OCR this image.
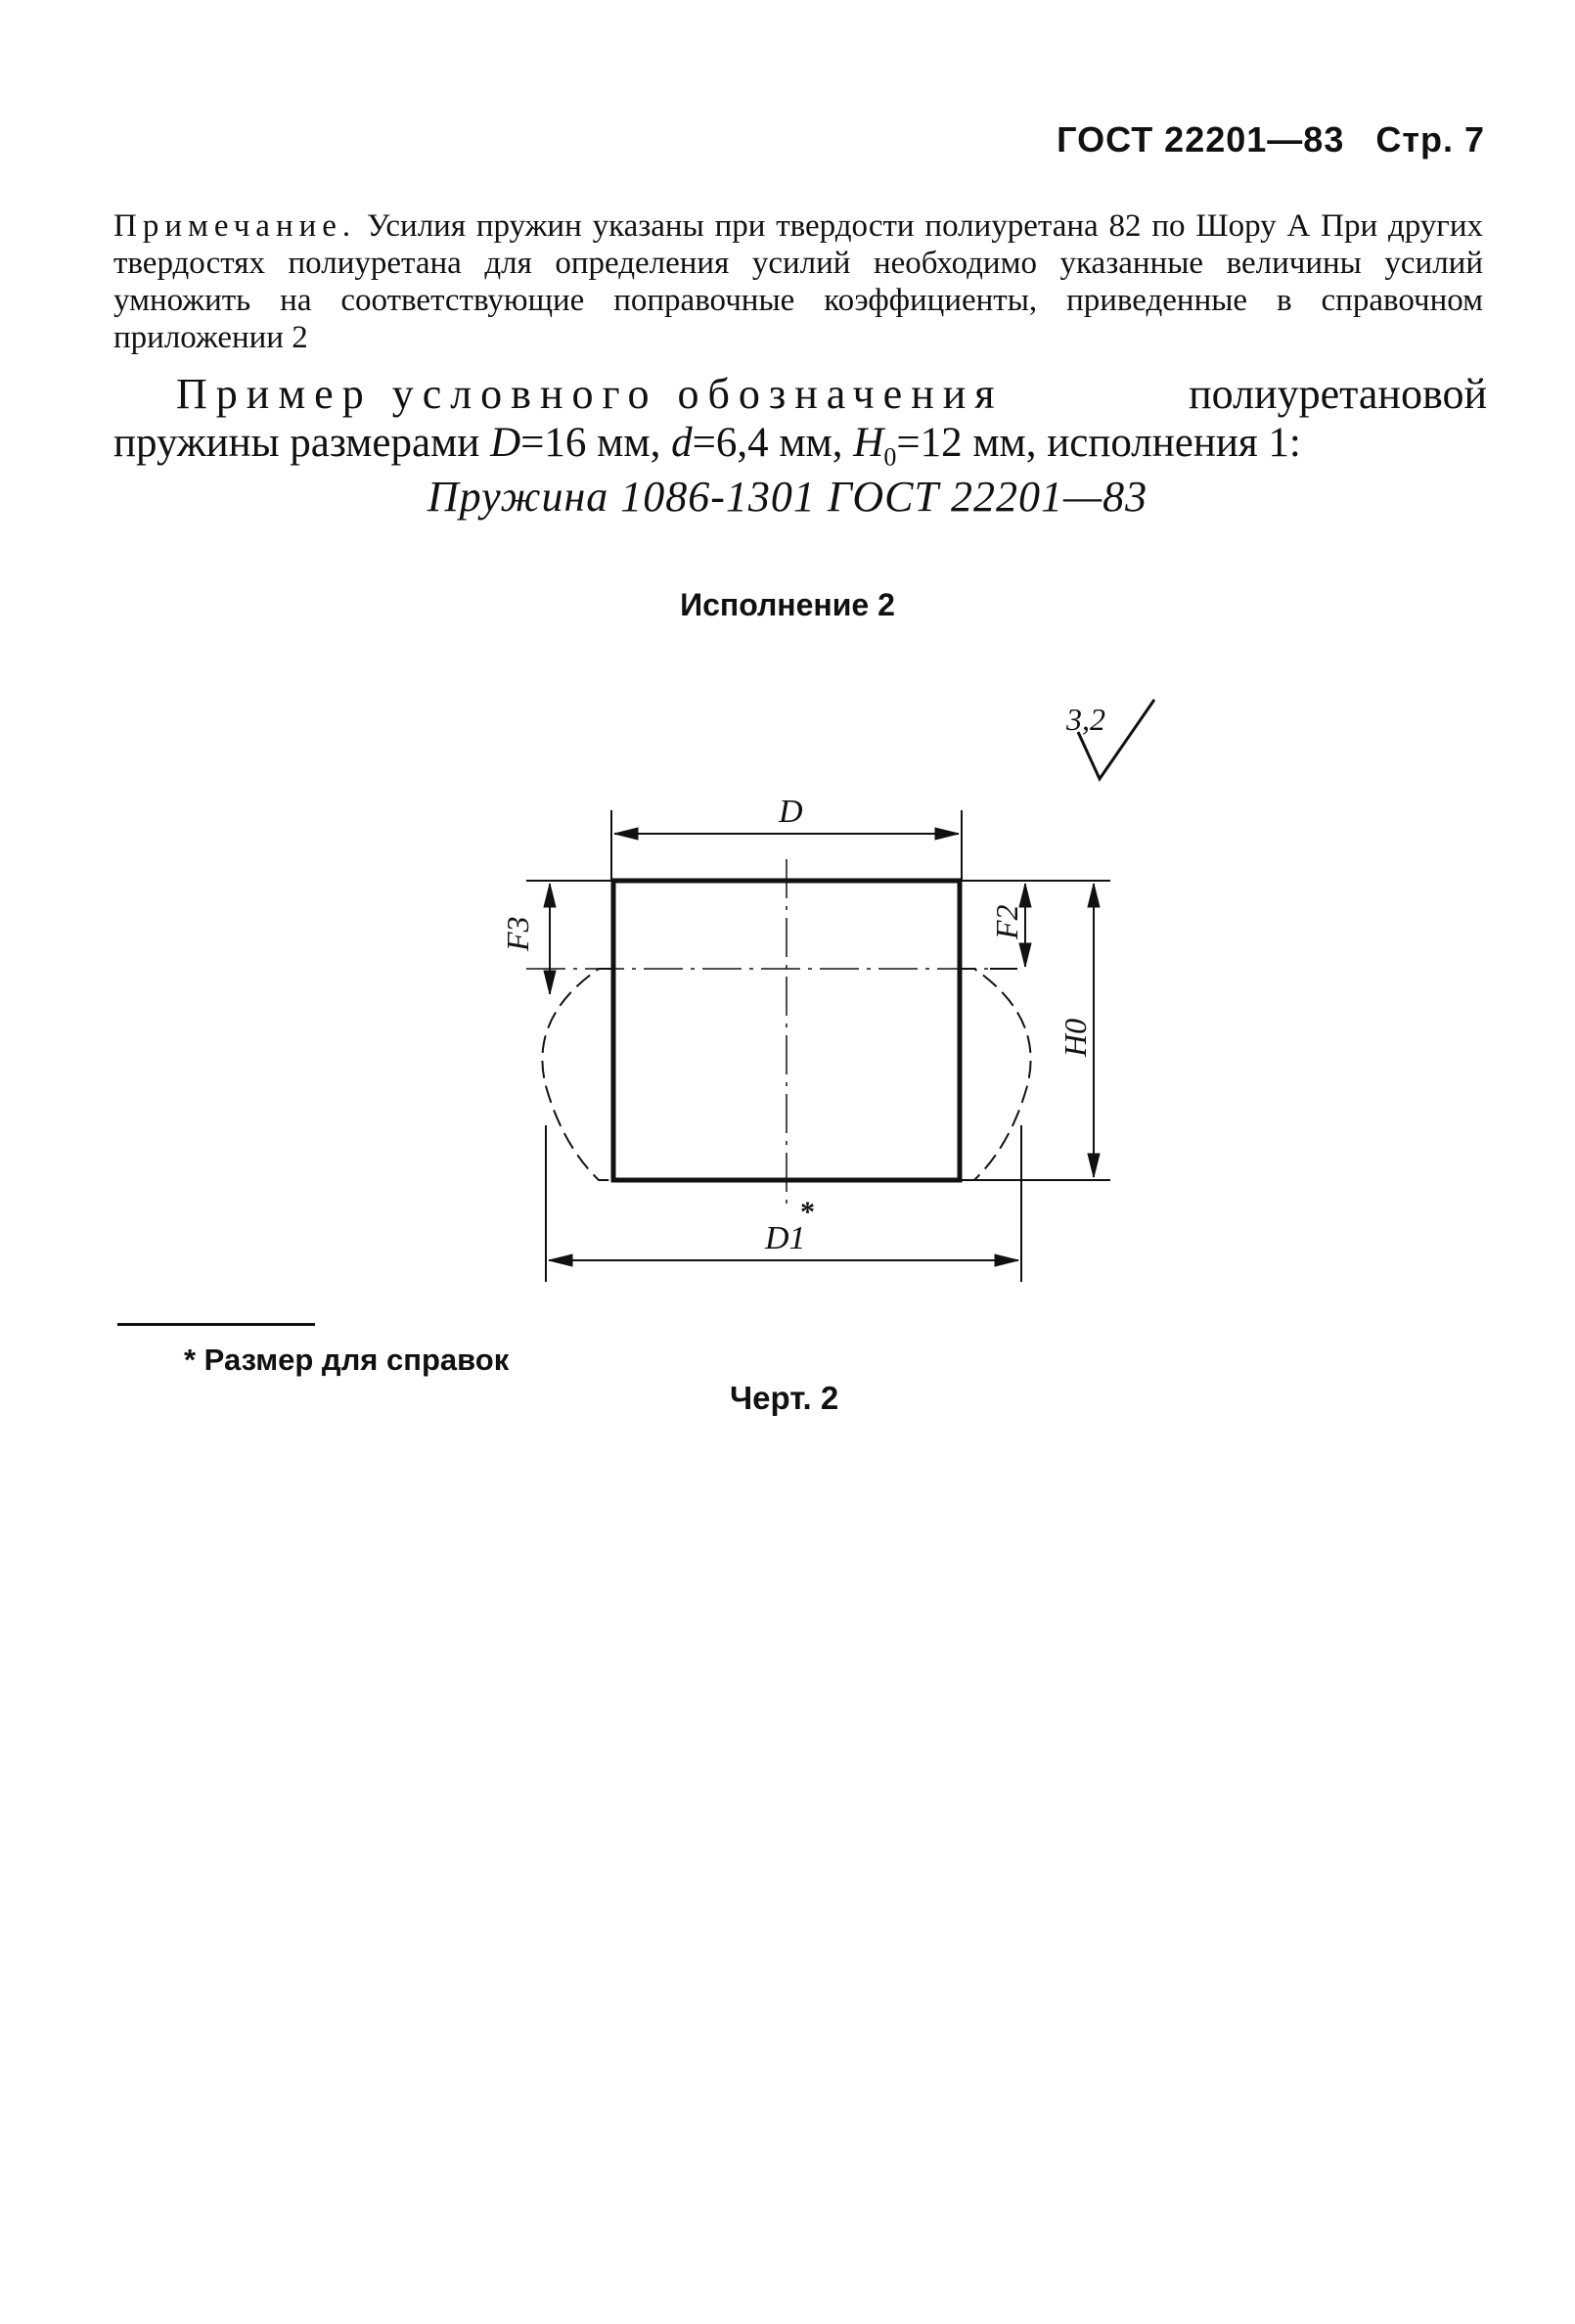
ГОСТ 22201—83 Стр. 7
Примечание. Усилия пружин указаны при твердости полиуретана 82 по Шору А При других твердостях полиуретана для определения усилий необходимо указанные величины усилий умножить на соответствующие поправочные коэффициенты, приведенные в справочном приложении 2
Пример условного обозначения	полиуретановой
пружины размерами D=16 мм, d=6,4 мм, $H_0=12$ мм, исполнения 1:
Пружина 1086-1301 ГОСТ 22201—83
Исполнение 2
3,2
D
F3	F2
H0
D1
*
* Размер для справок
Черт. 2
